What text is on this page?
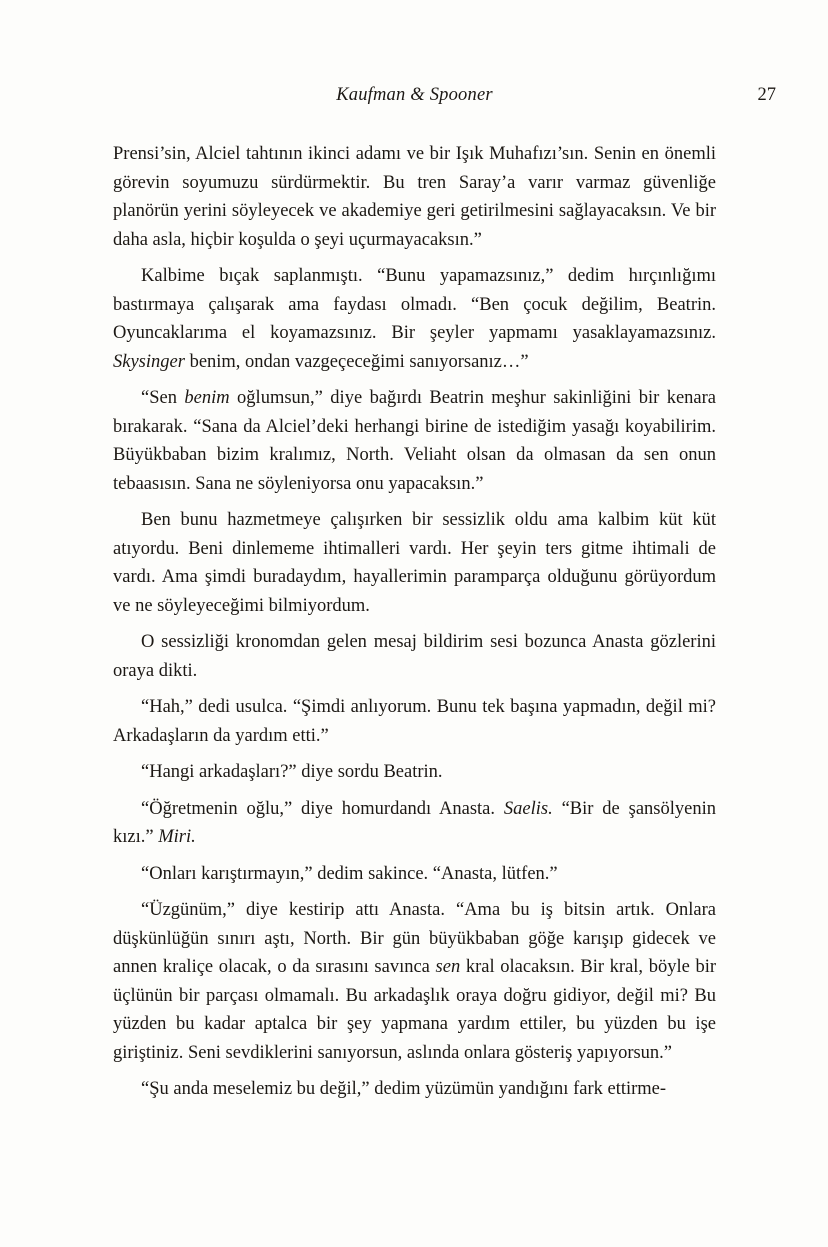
Kaufman & Spooner	27

Prensi’sin, Alciel tahtının ikinci adamı ve bir Işık Muhafızı’sın. Senin en önemli görevin soyumuzu sürdürmektir. Bu tren Saray’a varır varmaz güvenliğe planörün yerini söyleyecek ve akademiye geri getirilmesini sağlayacaksın. Ve bir daha asla, hiçbir koşulda o şeyi uçurmayacaksın.”

Kalbime bıçak saplanmıştı. “Bunu yapamazsınız,” dedim hırçınlığımı bastırmaya çalışarak ama faydası olmadı. “Ben çocuk değilim, Beatrin. Oyuncaklarıma el koyamazsınız. Bir şeyler yapmamı yasaklayamazsınız. Skysinger benim, ondan vazgeçeceğimi sanıyorsanız…”

“Sen benim oğlumsun,” diye bağırdı Beatrin meşhur sakinliğini bir kenara bırakarak. “Sana da Alciel’deki herhangi birine de istediğim yasağı koyabilirim. Büyükbaban bizim kralımız, North. Veliaht olsan da olmasan da sen onun tebaasısın. Sana ne söyleniyorsa onu yapacaksın.”

Ben bunu hazmetmeye çalışırken bir sessizlik oldu ama kalbim küt küt atıyordu. Beni dinlememe ihtimalleri vardı. Her şeyin ters gitme ihtimali de vardı. Ama şimdi buradaydım, hayallerimin paramparça olduğunu görüyordum ve ne söyleyeceğimi bilmiyordum.

O sessizliği kronomdan gelen mesaj bildirim sesi bozunca Anasta gözlerini oraya dikti.

“Hah,” dedi usulca. “Şimdi anlıyorum. Bunu tek başına yapmadın, değil mi? Arkadaşların da yardım etti.”

“Hangi arkadaşları?” diye sordu Beatrin.

“Öğretmenin oğlu,” diye homurdandı Anasta. Saelis. “Bir de şansölyenin kızı.” Miri.

“Onları karıştırmayın,” dedim sakince. “Anasta, lütfen.”

“Üzgünüm,” diye kestirip attı Anasta. “Ama bu iş bitsin artık. Onlara düşkünlüğün sınırı aştı, North. Bir gün büyükbaban göğe karışıp gidecek ve annen kraliçe olacak, o da sırasını savınca sen kral olacaksın. Bir kral, böyle bir üçlünün bir parçası olmamalı. Bu arkadaşlık oraya doğru gidiyor, değil mi? Bu yüzden bu kadar aptalca bir şey yapmana yardım ettiler, bu yüzden bu işe giriştiniz. Seni sevdiklerini sanıyorsun, aslında onlara gösteriş yapıyorsun.”

“Şu anda meselemiz bu değil,” dedim yüzümün yandığını fark ettirme-
